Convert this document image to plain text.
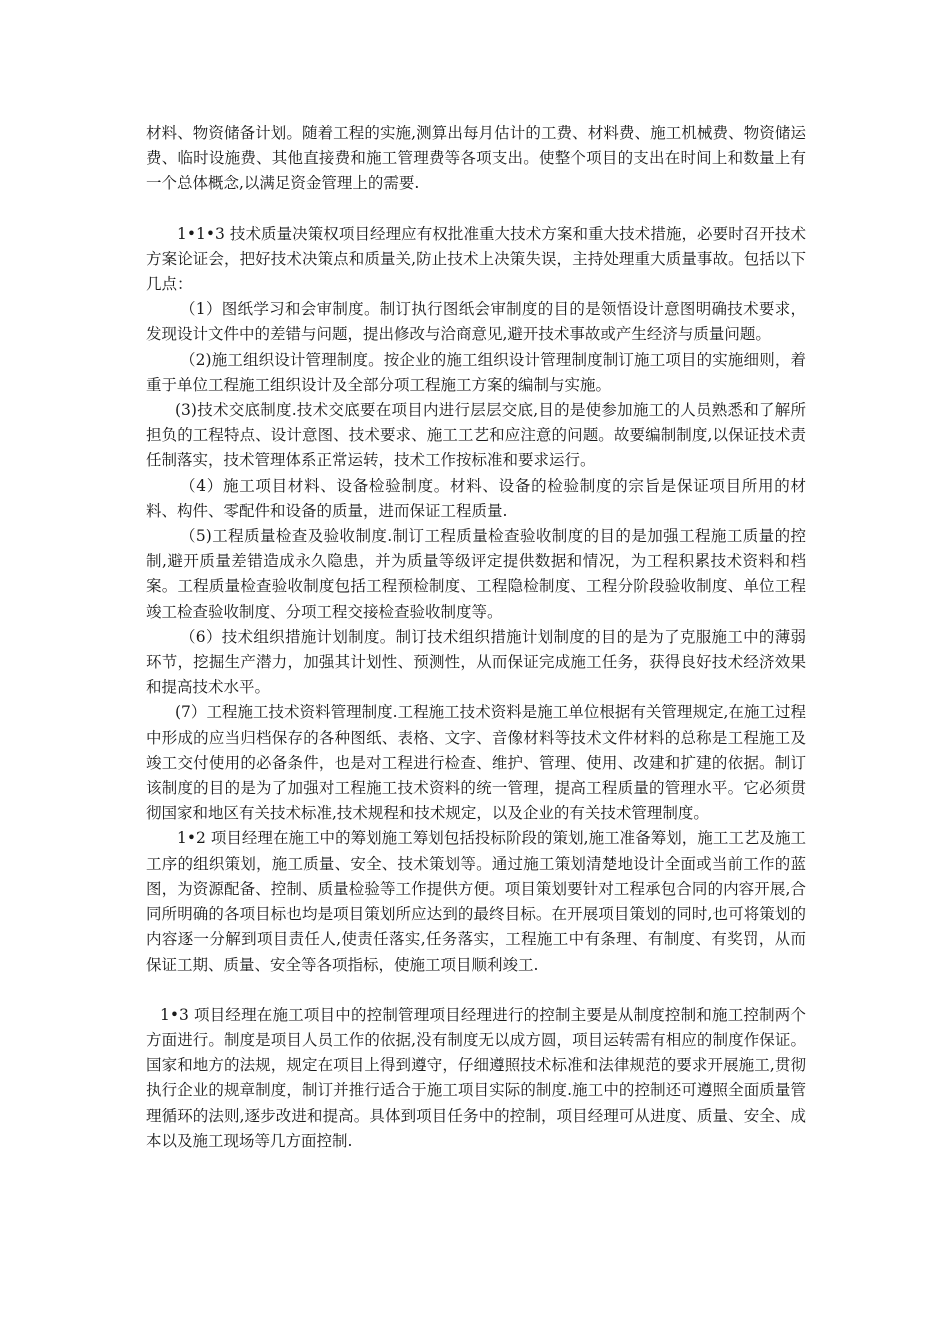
材料、物资储备计划。随着工程的实施,测算出每月估计的工费、材料费、施工机械费、物资储运费、临时设施费、其他直接费和施工管理费等各项支出。使整个项目的支出在时间上和数量上有一个总体概念,以满足资金管理上的需要.

1•1•3 技术质量决策权项目经理应有权批准重大技术方案和重大技术措施，必要时召开技术方案论证会，把好技术决策点和质量关,防止技术上决策失误，主持处理重大质量事故。包括以下几点：

（1）图纸学习和会审制度。制订执行图纸会审制度的目的是领悟设计意图明确技术要求，发现设计文件中的差错与问题，提出修改与洽商意见,避开技术事故或产生经济与质量问题。

（2)施工组织设计管理制度。按企业的施工组织设计管理制度制订施工项目的实施细则，着重于单位工程施工组织设计及全部分项工程施工方案的编制与实施。

(3)技术交底制度.技术交底要在项目内进行层层交底,目的是使参加施工的人员熟悉和了解所担负的工程特点、设计意图、技术要求、施工工艺和应注意的问题。故要编制制度,以保证技术责任制落实，技术管理体系正常运转，技术工作按标准和要求运行。

（4）施工项目材料、设备检验制度。材料、设备的检验制度的宗旨是保证项目所用的材料、构件、零配件和设备的质量，进而保证工程质量.

（5)工程质量检查及验收制度.制订工程质量检查验收制度的目的是加强工程施工质量的控制,避开质量差错造成永久隐患，并为质量等级评定提供数据和情况，为工程积累技术资料和档案。工程质量检查验收制度包括工程预检制度、工程隐检制度、工程分阶段验收制度、单位工程竣工检查验收制度、分项工程交接检查验收制度等。

（6）技术组织措施计划制度。制订技术组织措施计划制度的目的是为了克服施工中的薄弱环节，挖掘生产潜力，加强其计划性、预测性，从而保证完成施工任务，获得良好技术经济效果和提高技术水平。

(7）工程施工技术资料管理制度.工程施工技术资料是施工单位根据有关管理规定,在施工过程中形成的应当归档保存的各种图纸、表格、文字、音像材料等技术文件材料的总称是工程施工及竣工交付使用的必备条件，也是对工程进行检查、维护、管理、使用、改建和扩建的依据。制订该制度的目的是为了加强对工程施工技术资料的统一管理，提高工程质量的管理水平。它必须贯彻国家和地区有关技术标准,技术规程和技术规定，以及企业的有关技术管理制度。

1•2 项目经理在施工中的筹划施工筹划包括投标阶段的策划,施工准备筹划，施工工艺及施工工序的组织策划，施工质量、安全、技术策划等。通过施工策划清楚地设计全面或当前工作的蓝图，为资源配备、控制、质量检验等工作提供方便。项目策划要针对工程承包合同的内容开展,合同所明确的各项目标也均是项目策划所应达到的最终目标。在开展项目策划的同时,也可将策划的内容逐一分解到项目责任人,使责任落实,任务落实，工程施工中有条理、有制度、有奖罚，从而保证工期、质量、安全等各项指标，使施工项目顺利竣工.

1•3 项目经理在施工项目中的控制管理项目经理进行的控制主要是从制度控制和施工控制两个方面进行。制度是项目人员工作的依据,没有制度无以成方圆，项目运转需有相应的制度作保证。国家和地方的法规，规定在项目上得到遵守，仔细遵照技术标准和法律规范的要求开展施工,贯彻执行企业的规章制度，制订并推行适合于施工项目实际的制度.施工中的控制还可遵照全面质量管理循环的法则,逐步改进和提高。具体到项目任务中的控制，项目经理可从进度、质量、安全、成本以及施工现场等几方面控制.
